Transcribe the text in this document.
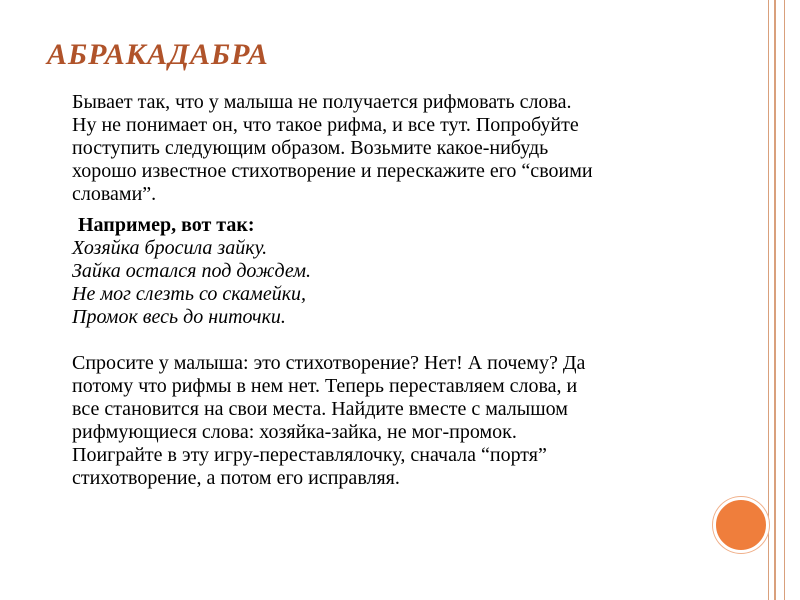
АБРАКАДАБРА

Бывает так, что у малыша не получается рифмовать слова.
Ну не понимает он, что такое рифма, и все тут. Попробуйте
поступить следующим образом. Возьмите какое-нибудь
хорошо известное стихотворение и перескажите его “своими
словами”.

Например, вот так:

Хозяйка бросила зайку.

Зайка остался под дождем.

Не мог слезть со скамейки,

Промок весь до ниточки.

Спросите у малыша: это стихотворение? Нет! А почему? Да
потому что рифмы в нем нет. Теперь переставляем слова, и
все становится на свои места. Найдите вместе с малышом
рифмующиеся слова: хозяйка-зайка, не мог-промок.
Поиграйте в эту игру-переставлялочку, сначала “портя”
стихотворение, а потом его исправляя.
